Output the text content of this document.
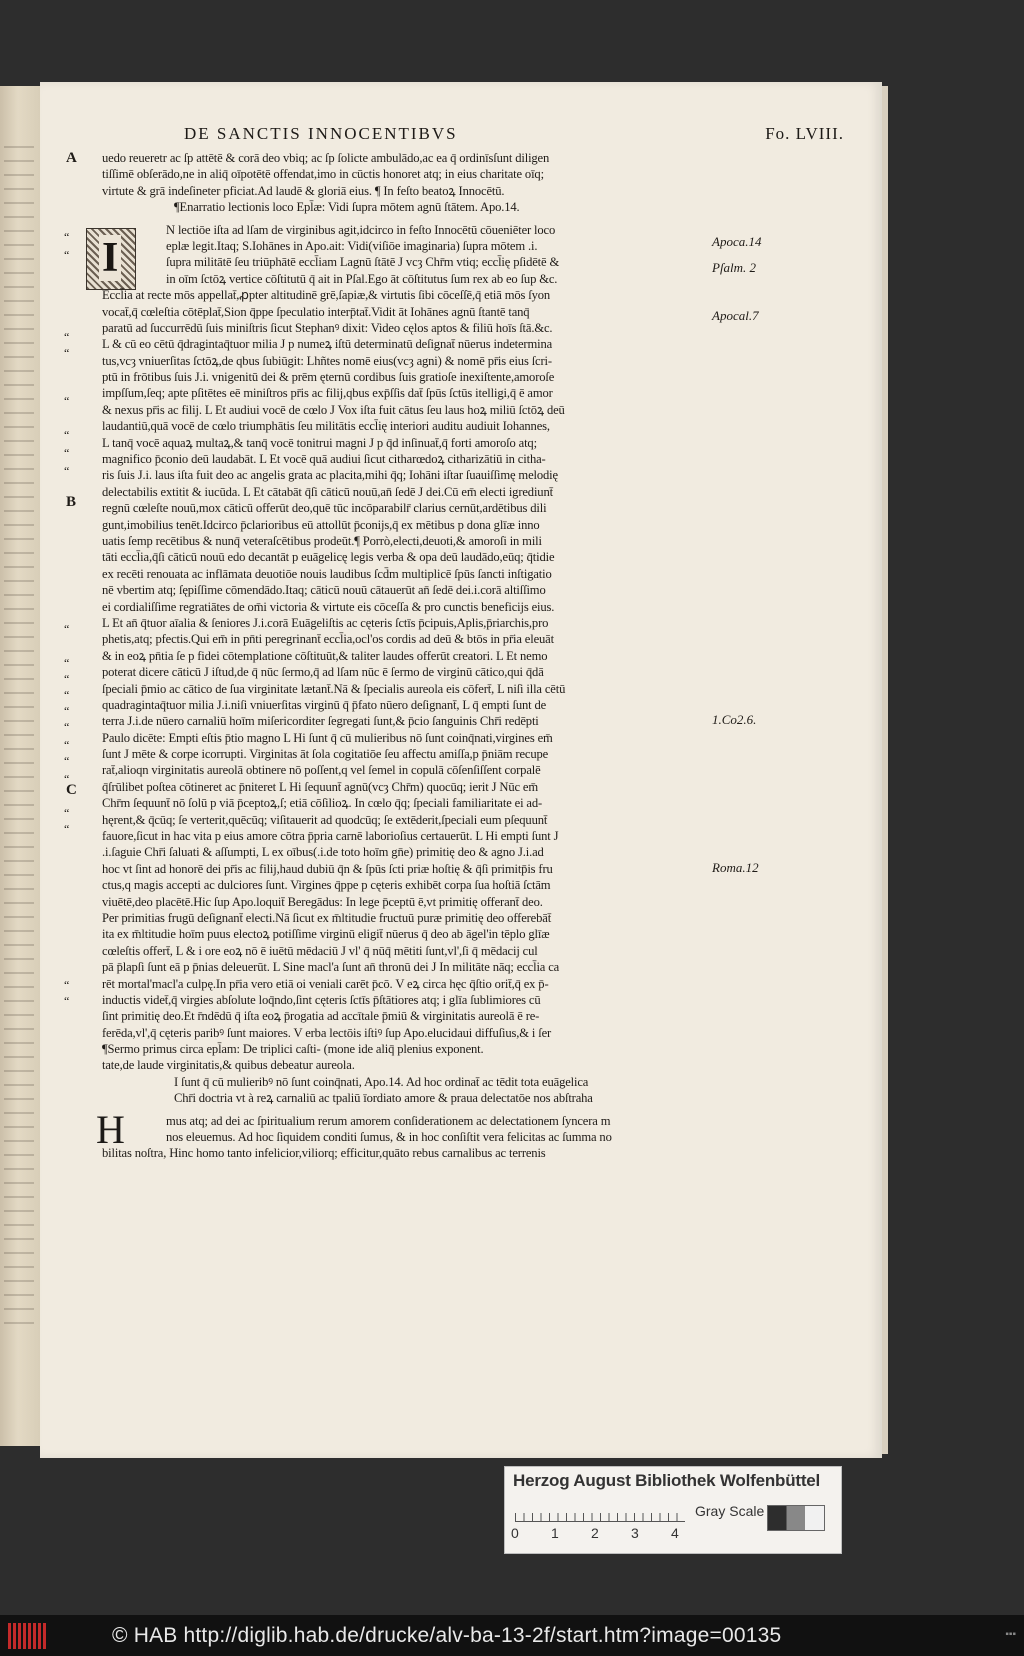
DE SANCTIS INNOCENTIBVS	Fo. LVIII.
I
H
A
B
C
“
“
“
“
“
“
“
“
“
“
“
“
“
“
“
“
“
“
“
“
“
Apoca.14
Pſalm. 2
Apocal.7
1.Co2.6.
Roma.12
uedo reueretr ac ſp attētē & corā deo vbiq; ac ſp ſolicte ambulādo,ac ea q̄ ordinīsſunt diligen
tiſſimē obſerādo,ne in aliq̄ oīpotētē offendat,imo in cūctis honoret atq; in eius charitate oīq;
virtute & grā indeſineter pficiat.Ad laudē & gloriā eius. ¶ In feſto beatoꝝ Innocētū.
¶Enarratio lectionis loco Epl̄æ: Vidi ſupra mōtem agnū ſtātem. Apo.14.
N lectiōe iſta ad lſam de virginibus agit,idcirco in feſto Innocētū cōueniēter loco
eplæ legit.Itaq; S.Iohānes in Apo.ait: Vidi(viſiōe imaginaria) ſupra mōtem .i.
ſupra militātē ſeu triūphātē eccl̄iam Lagnū ſtātē J vcȝ Chr̄m vtiq; eccl̄ię pſidētē &
in oīm ſctōꝝ vertice cōſtitutū q̄ ait in Pſal.Ego āt cōſtitutus ſum rex ab eo ſup &c.
Eccl̄ia at recte mōs appellat̄,ꝓpter altitudinē grē,ſapiæ,& virtutis ſibi cōceſſē,q̄ etiā mōs ſyon
vocat̄,q̄ cœleſtia cōtēplat̄,Sion q̄ppe ſpeculatio interp̄tat̄.Vidit āt Iohānes agnū ſtantē tanq̄
paratū ad ſuccurrēdū ſuis miniſtris ſicut Stephanꝰ dixit: Video cęlos aptos & filiū hoīs ſtā.&c.
L & cū eo cētū q̄dragintaq̄tuor milia J p numeꝝ iſtū determinatū deſignat̄ nūerus indetermina
tus,vcȝ vniuerſitas ſctōꝝ,de qbus ſubiūgit: Lhñtes nomē eius(vcȝ agni) & nomē pr̄is eius ſcri-
ptū in frōtibus ſuis J.i. vnigenitū dei & prēm ęternū cordibus ſuis gratioſe inexiſtente,amoroſe
impſſum,ſeq; apte pſitētes eē miniſtros pr̄is ac filij,qbus exp̄ſſis dat̄ ſpūs ſctūs itelligi,q̄ ē amor
& nexus pr̄is ac filij. L Et audiui vocē de cœlo J Vox iſta fuit cātus ſeu laus hoꝝ miliū ſctōꝝ deū
laudantiū,quā vocē de cœlo triumphātis ſeu militātis eccl̄ię interiori auditu audiuit Iohannes,
L tanq̄ vocē aquaꝝ multaꝝ,& tanq̄ vocē tonitrui magni J p q̄d inſinuat̄,q̄ forti amoroſo atq;
magnifico p̄conio deū laudabāt. L Et vocē quā audiui ſicut citharœdoꝝ citharizātiū in citha-
ris ſuis J.i. laus iſta fuit deo ac angelis grata ac placita,mihi q̄q; Iohāni iſtar ſuauiſſimę melodię
delectabilis extitit & iucūda. L Et cātabāt q̄ſi cāticū nouū,an̄ ſedē J dei.Cū em̄ electi igrediunt̄
regnū cœleſte nouū,mox cāticū offerūt deo,quē tūc incōparabilr̄ clarius cernūt,ardētibus dili
gunt,imobilius tenēt.Idcirco p̄clarioribus eū attollūt p̄conijs,q̄ ex mētibus p dona glīæ inno
uatis ſemp recētibus & nunq̄ veteraſcētibus prodeūt.¶ Porrò,electi,deuoti,& amoroſi in mili
tāti eccl̄ia,q̄ſi cāticū nouū edo decantāt p euāgelicę legis verba & opa deū laudādo,eūq; q̄tidie
ex recēti renouata ac inflāmata deuotiōe nouis laudibus ſcd̄m multiplicē ſpūs ſancti inſtigatio
nē vbertim atq; ſępiſſime cōmendādo.Itaq; cāticū nouū cātauerūt an̄ ſedē dei.i.corā altiſſimo
ei cordialiſſime regratiātes de om̄i victoria & virtute eis cōceſſa & pro cunctis beneficijs eius.
L Et an̄ q̄tuor aīalia & ſeniores J.i.corā Euāgeliſtis ac cęteris ſctīs p̄cipuis,Aplis,p̄riarchis,pro
phetis,atq; pfectis.Qui em̄ in pn̄ti peregrinant̄ eccl̄ia,ocl'os cordis ad deū & btōs in pr̄ia eleuāt
& in eoꝝ pn̄tia ſe p fidei cōtemplatione cōſtituūt,& taliter laudes offerūt creatori. L Et nemo
poterat dicere cāticū J iſtud,de q̄ nūc ſermo,q̄ ad lſam nūc ē ſermo de virginū cātico,qui q̄dā
ſpeciali p̄mio ac cātico de ſua virginitate lætant̄.Nā & ſpecialis aureola eis cōfert̄, L niſi illa cētū
quadragintaq̄tuor milia J.i.niſi vniuerſitas virginū q̄ p̄fato nūero deſignant̄, L q̄ empti ſunt de
terra J.i.de nūero carnaliū hoīm miſericorditer ſegregati ſunt,& p̄cio ſanguinis Chr̄i redēpti
Paulo dicēte: Empti eſtis p̄tio magno L Hi ſunt q̄ cū mulieribus nō ſunt coinq̄nati,virgines em̄
ſunt J mēte & corpe icorrupti. Virginitas āt ſola cogitatiōe ſeu affectu amiſſa,p p̄niām recupe
rat̄,alioqn virginitatis aureolā obtinere nō poſſent,q vel ſemel in copulā cōſenſiſſent corpalē
q̄ſrūlibet poſtea cōtineret ac p̄niteret L Hi ſequunt̄ agnū(vcȝ Chr̄m) quocūq; ierit J Nūc em̄
Chr̄m ſequunt̄ nō ſolū p viā p̄ceptoꝝ,ſ; etiā cōſilioꝝ. In cœlo q̄q; ſpeciali familiaritate ei ad-
hęrent,& q̄cūq; ſe verterit,quēcūq; viſitauerit ad quodcūq; ſe extēderit,ſpeciali eum pſequunt̄
fauore,ſicut in hac vita p eius amore cōtra p̄pria carnē laborioſius certauerūt. L Hi empti ſunt J
.i.ſaguie Chr̄i ſaluati & aſſumpti, L ex oībus(.i.de toto hoīm gn̄e) primitię deo & agno J.i.ad
hoc vt ſint ad honorē dei pr̄is ac filij,haud dubiū q̄n & ſpūs ſcti priæ hoſtię & q̄ſi primitp̄is fru
ctus,q magis accepti ac dulciores ſunt. Virgines q̄ppe p cęteris exhibēt corpa ſua hoſtiā ſctām
viuētē,deo placētē.Hic ſup Apo.loquit̄ Beregādus: In lege p̄ceptū ē,vt primitię offerant̄ deo.
Per primitias frugū deſignant̄ electi.Nā ſicut ex m̄ltitudie fructuū puræ primitię deo offerebāt̄
ita ex m̄ltitudie hoīm puus electoꝝ potiſſime virginū eligit̄ nūerus q̄ deo ab āgel'in tēplo glīæ
cœleſtis offert̄, L & i ore eoꝝ nō ē iuētū mēdaciū J vl' q̄ nūq̄ mētiti ſunt,vl',ſi q̄ mēdacij cul
pā p̄lapſi ſunt eā p p̄nias deleuerūt. L Sine macl'a ſunt an̄ thronū dei J In militāte nāq; eccl̄ia ca
rēt mortal'macl'a culpę.In pr̄ia vero etiā oi veniali carēt p̄cō. V eꝝ circa hęc q̄ſtio orit̄,q̄ ex p̄-
inductis videt̄,q̄ virgies abſolute loq̄ndo,ſint cęteris ſctīs p̄ſtātiores atq; i glīa ſublimiores cū
ſint primitię deo.Et r̄ndēdū q̄ iſta eoꝝ p̄rogatia ad accītale p̄miū & virginitatis aureolā ē re-
ferēda,vl',q̄ cęteris paribꝰ ſunt maiores. V erba lectōis iſtiꝰ ſup Apo.elucidaui diffuſius,& i ſer
¶Sermo primus circa epl̄am: De triplici caſti- (mone ide aliq̄ plenius exponent.
tate,de laude virginitatis,& quibus debeatur aureola.
I ſunt q̄ cū mulieribꝰ nō ſunt coinq̄nati, Apo.14. Ad hoc ordinat̄ ac tēdit tota euāgelica
Chr̄i doctria vt à reꝝ carnaliū ac tpaliū īordiato amore & praua delectatōe nos abſtraha
mus atq; ad dei ac ſpiritualium rerum amorem conſiderationem ac delectationem ſyncera m
nos eleuemus. Ad hoc ſiquidem conditi ſumus, & in hoc conſiſtit vera felicitas ac ſumma no
bilitas noſtra, Hinc homo tanto infelicior,viliorq; efficitur,quāto rebus carnalibus ac terrenis
Herzog August Bibliothek Wolfenbüttel
0 1 2 3 4
Gray Scale
© HAB http://diglib.hab.de/drucke/alv-ba-13-2f/start.htm?image=00135	▪▪▪
